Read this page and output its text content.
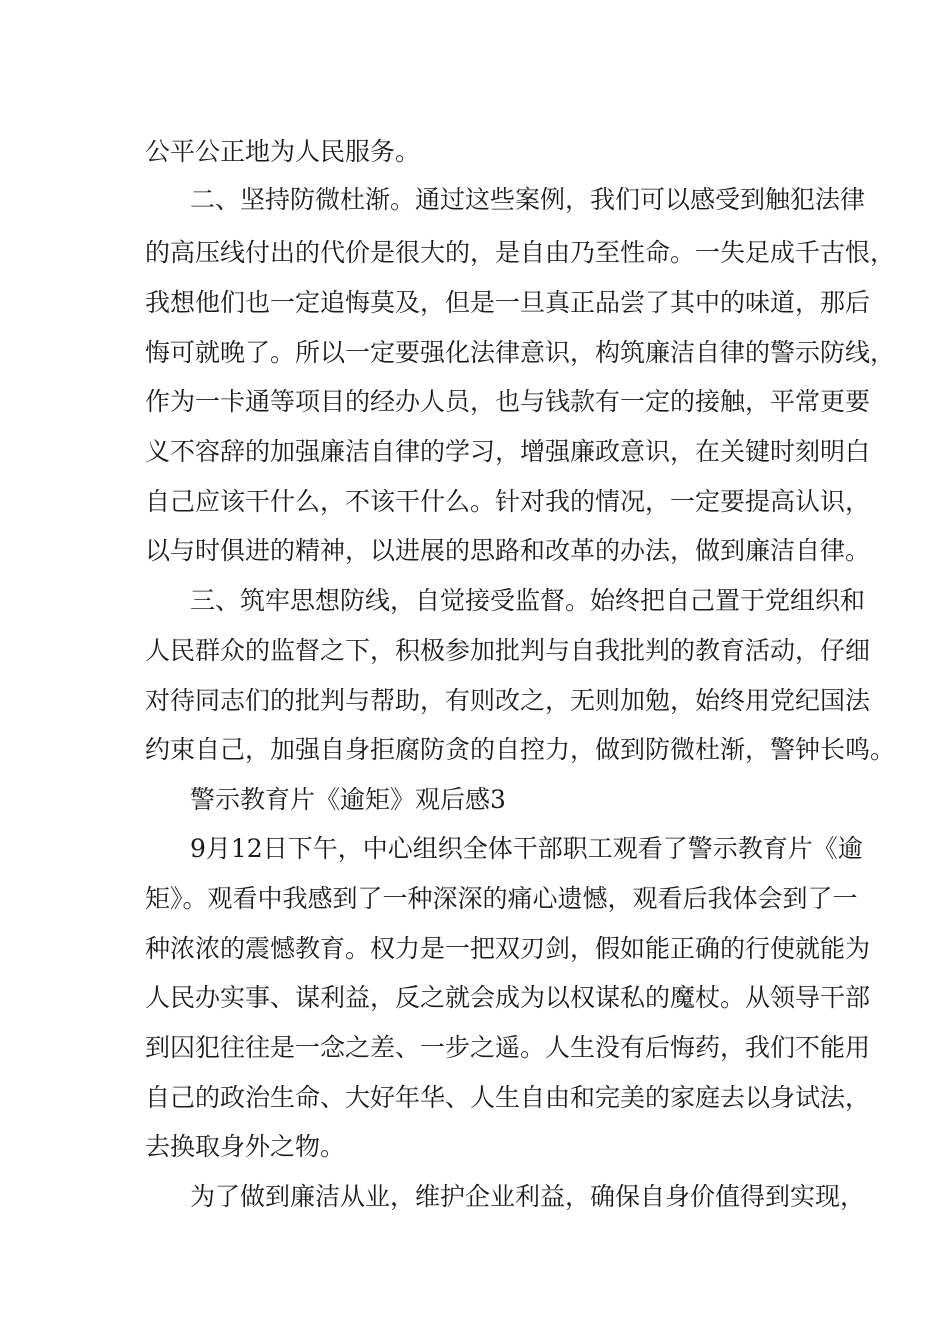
公平公正地为人民服务。
二、坚持防微杜渐。通过这些案例，我们可以感受到触犯法律
的高压线付出的代价是很大的，是自由乃至性命。一失足成千古恨，
我想他们也一定追悔莫及，但是一旦真正品尝了其中的味道，那后
悔可就晚了。所以一定要强化法律意识，构筑廉洁自律的警示防线，
作为一卡通等项目的经办人员，也与钱款有一定的接触，平常更要
义不容辞的加强廉洁自律的学习，增强廉政意识，在关键时刻明白
自己应该干什么，不该干什么。针对我的情况，一定要提高认识，
以与时俱进的精神，以进展的思路和改革的办法，做到廉洁自律。
三、筑牢思想防线，自觉接受监督。始终把自己置于党组织和
人民群众的监督之下，积极参加批判与自我批判的教育活动，仔细
对待同志们的批判与帮助，有则改之，无则加勉，始终用党纪国法
约束自己，加强自身拒腐防贪的自控力，做到防微杜渐，警钟长鸣。
警示教育片《逾矩》观后感3
9月12日下午，中心组织全体干部职工观看了警示教育片《逾
矩》。观看中我感到了一种深深的痛心遗憾，观看后我体会到了一
种浓浓的震憾教育。权力是一把双刃剑，假如能正确的行使就能为
人民办实事、谋利益，反之就会成为以权谋私的魔杖。从领导干部
到囚犯往往是一念之差、一步之遥。人生没有后悔药，我们不能用
自己的政治生命、大好年华、人生自由和完美的家庭去以身试法，
去换取身外之物。
为了做到廉洁从业，维护企业利益，确保自身价值得到实现，
